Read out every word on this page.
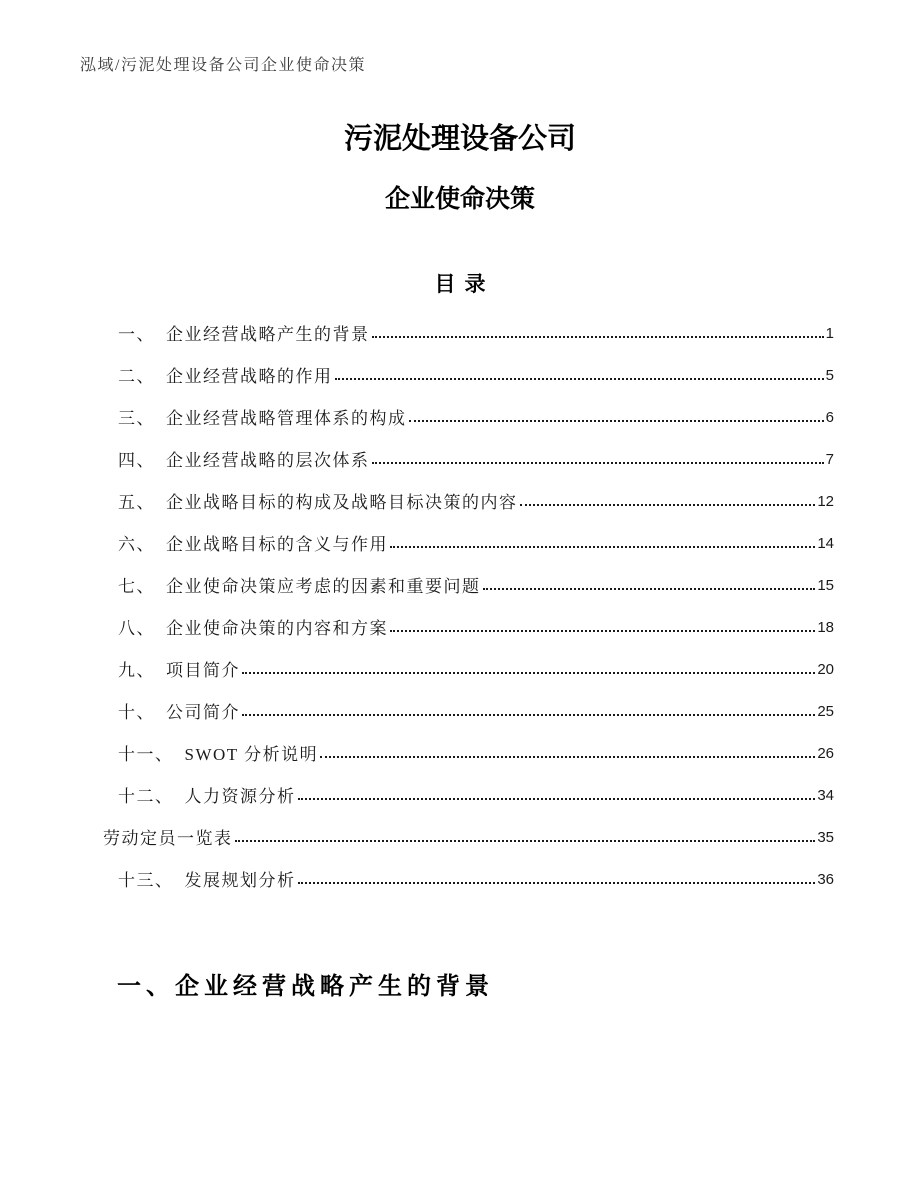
泓域/污泥处理设备公司企业使命决策
污泥处理设备公司
企业使命决策
目录
一、 企业经营战略产生的背景	1
二、 企业经营战略的作用	5
三、 企业经营战略管理体系的构成	6
四、 企业经营战略的层次体系	7
五、 企业战略目标的构成及战略目标决策的内容	12
六、 企业战略目标的含义与作用	14
七、 企业使命决策应考虑的因素和重要问题	15
八、 企业使命决策的内容和方案	18
九、 项目简介	20
十、 公司简介	25
十一、 SWOT 分析说明	26
十二、 人力资源分析	34
劳动定员一览表	35
十三、 发展规划分析	36
一、企业经营战略产生的背景
